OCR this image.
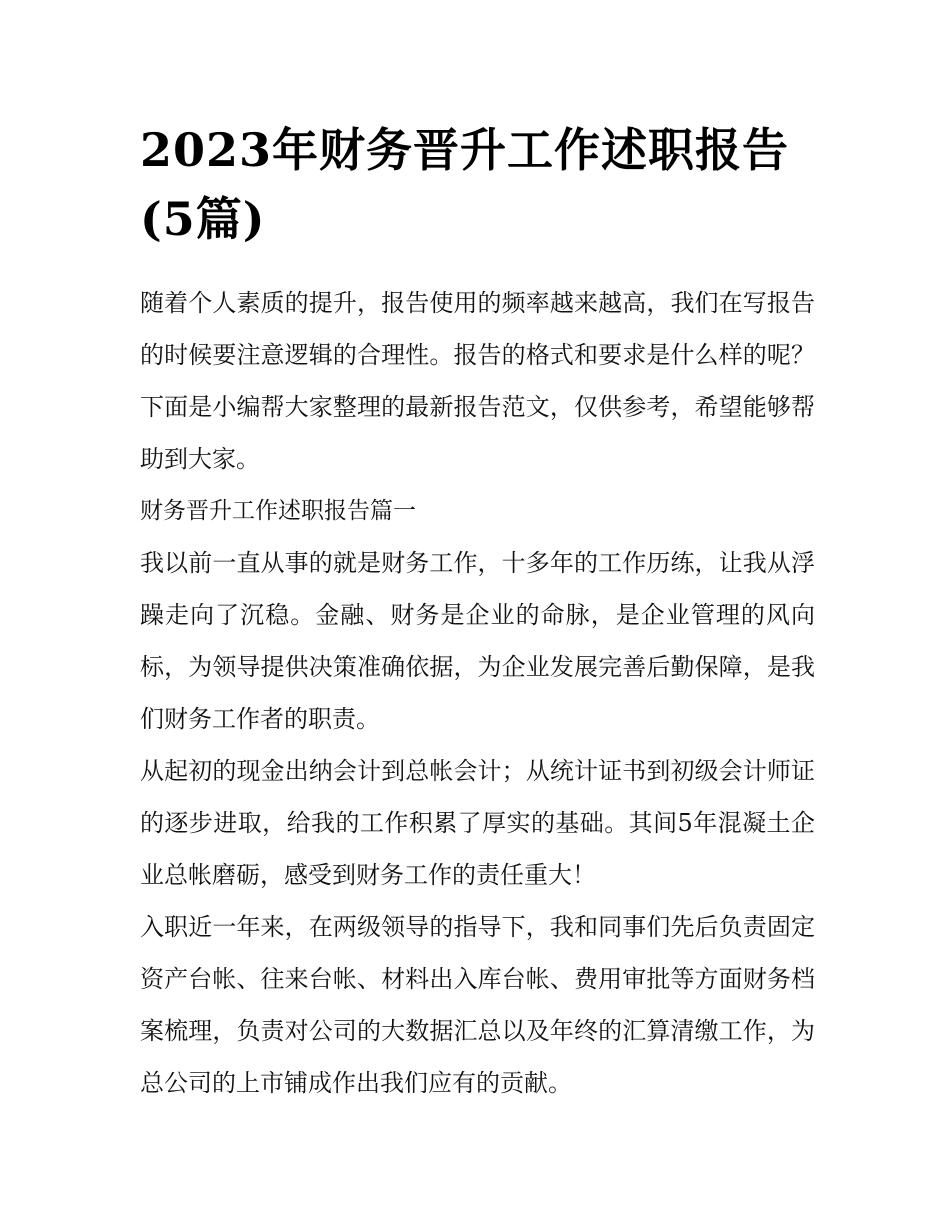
2023年财务晋升工作述职报告(5篇)

随着个人素质的提升，报告使用的频率越来越高，我们在写报告的时候要注意逻辑的合理性。报告的格式和要求是什么样的呢？下面是小编帮大家整理的最新报告范文，仅供参考，希望能够帮助到大家。

财务晋升工作述职报告篇一

我以前一直从事的就是财务工作，十多年的工作历练，让我从浮躁走向了沉稳。金融、财务是企业的命脉，是企业管理的风向标，为领导提供决策准确依据，为企业发展完善后勤保障，是我们财务工作者的职责。

从起初的现金出纳会计到总帐会计；从统计证书到初级会计师证的逐步进取，给我的工作积累了厚实的基础。其间5年混凝土企业总帐磨砺，感受到财务工作的责任重大！

入职近一年来，在两级领导的指导下，我和同事们先后负责固定资产台帐、往来台帐、材料出入库台帐、费用审批等方面财务档案梳理，负责对公司的大数据汇总以及年终的汇算清缴工作，为总公司的上市铺成作出我们应有的贡献。
